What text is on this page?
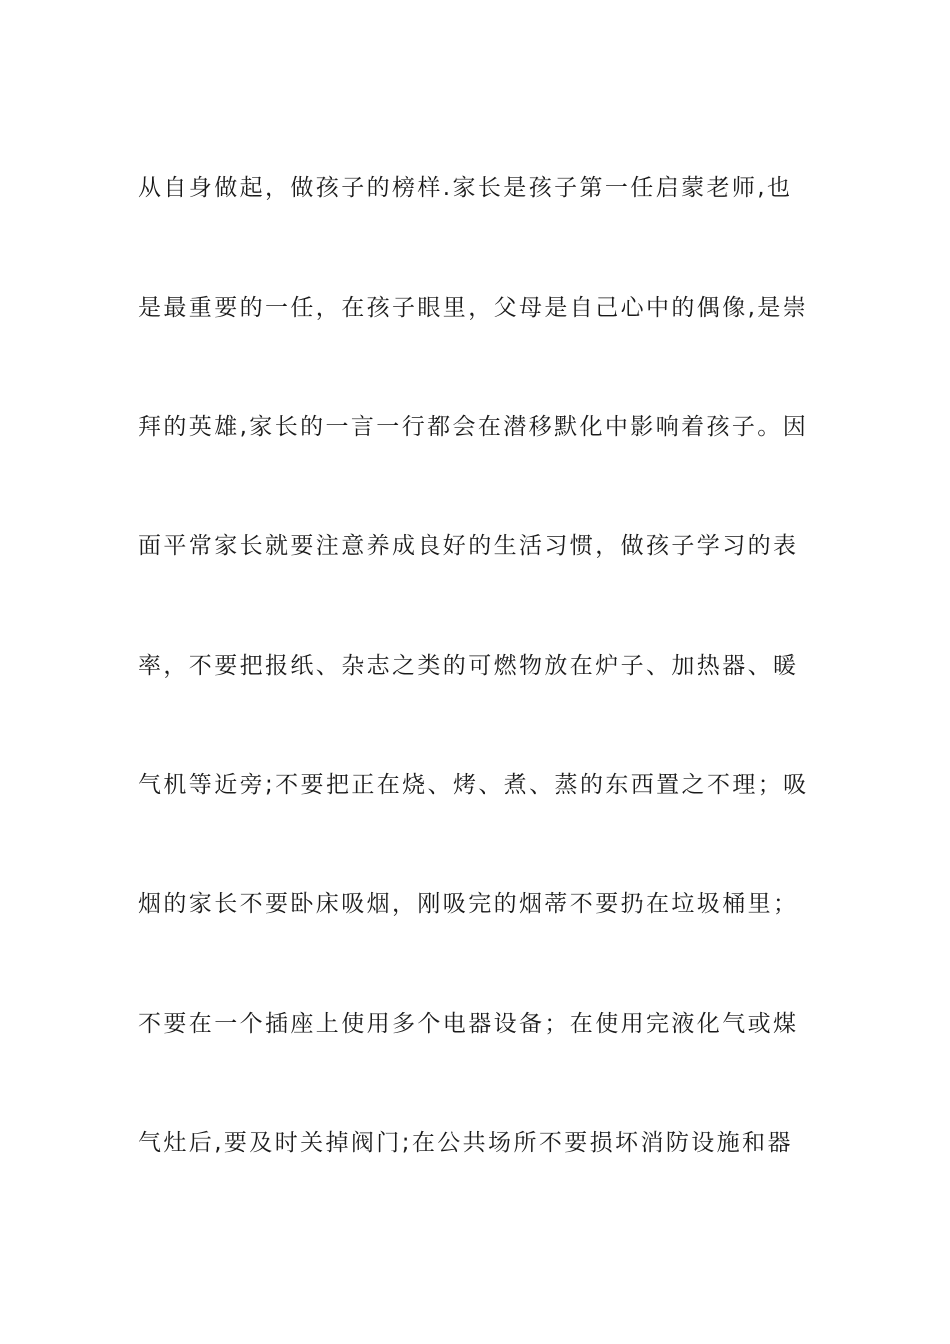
从自身做起，做孩子的榜样.家长是孩子第一任启蒙老师,也
是最重要的一任，在孩子眼里，父母是自己心中的偶像,是崇
拜的英雄,家长的一言一行都会在潜移默化中影响着孩子。因
面平常家长就要注意养成良好的生活习惯，做孩子学习的表
率，不要把报纸、杂志之类的可燃物放在炉子、加热器、暖
气机等近旁;不要把正在烧、烤、煮、蒸的东西置之不理；吸
烟的家长不要卧床吸烟，刚吸完的烟蒂不要扔在垃圾桶里；
不要在一个插座上使用多个电器设备；在使用完液化气或煤
气灶后,要及时关掉阀门;在公共场所不要损坏消防设施和器
